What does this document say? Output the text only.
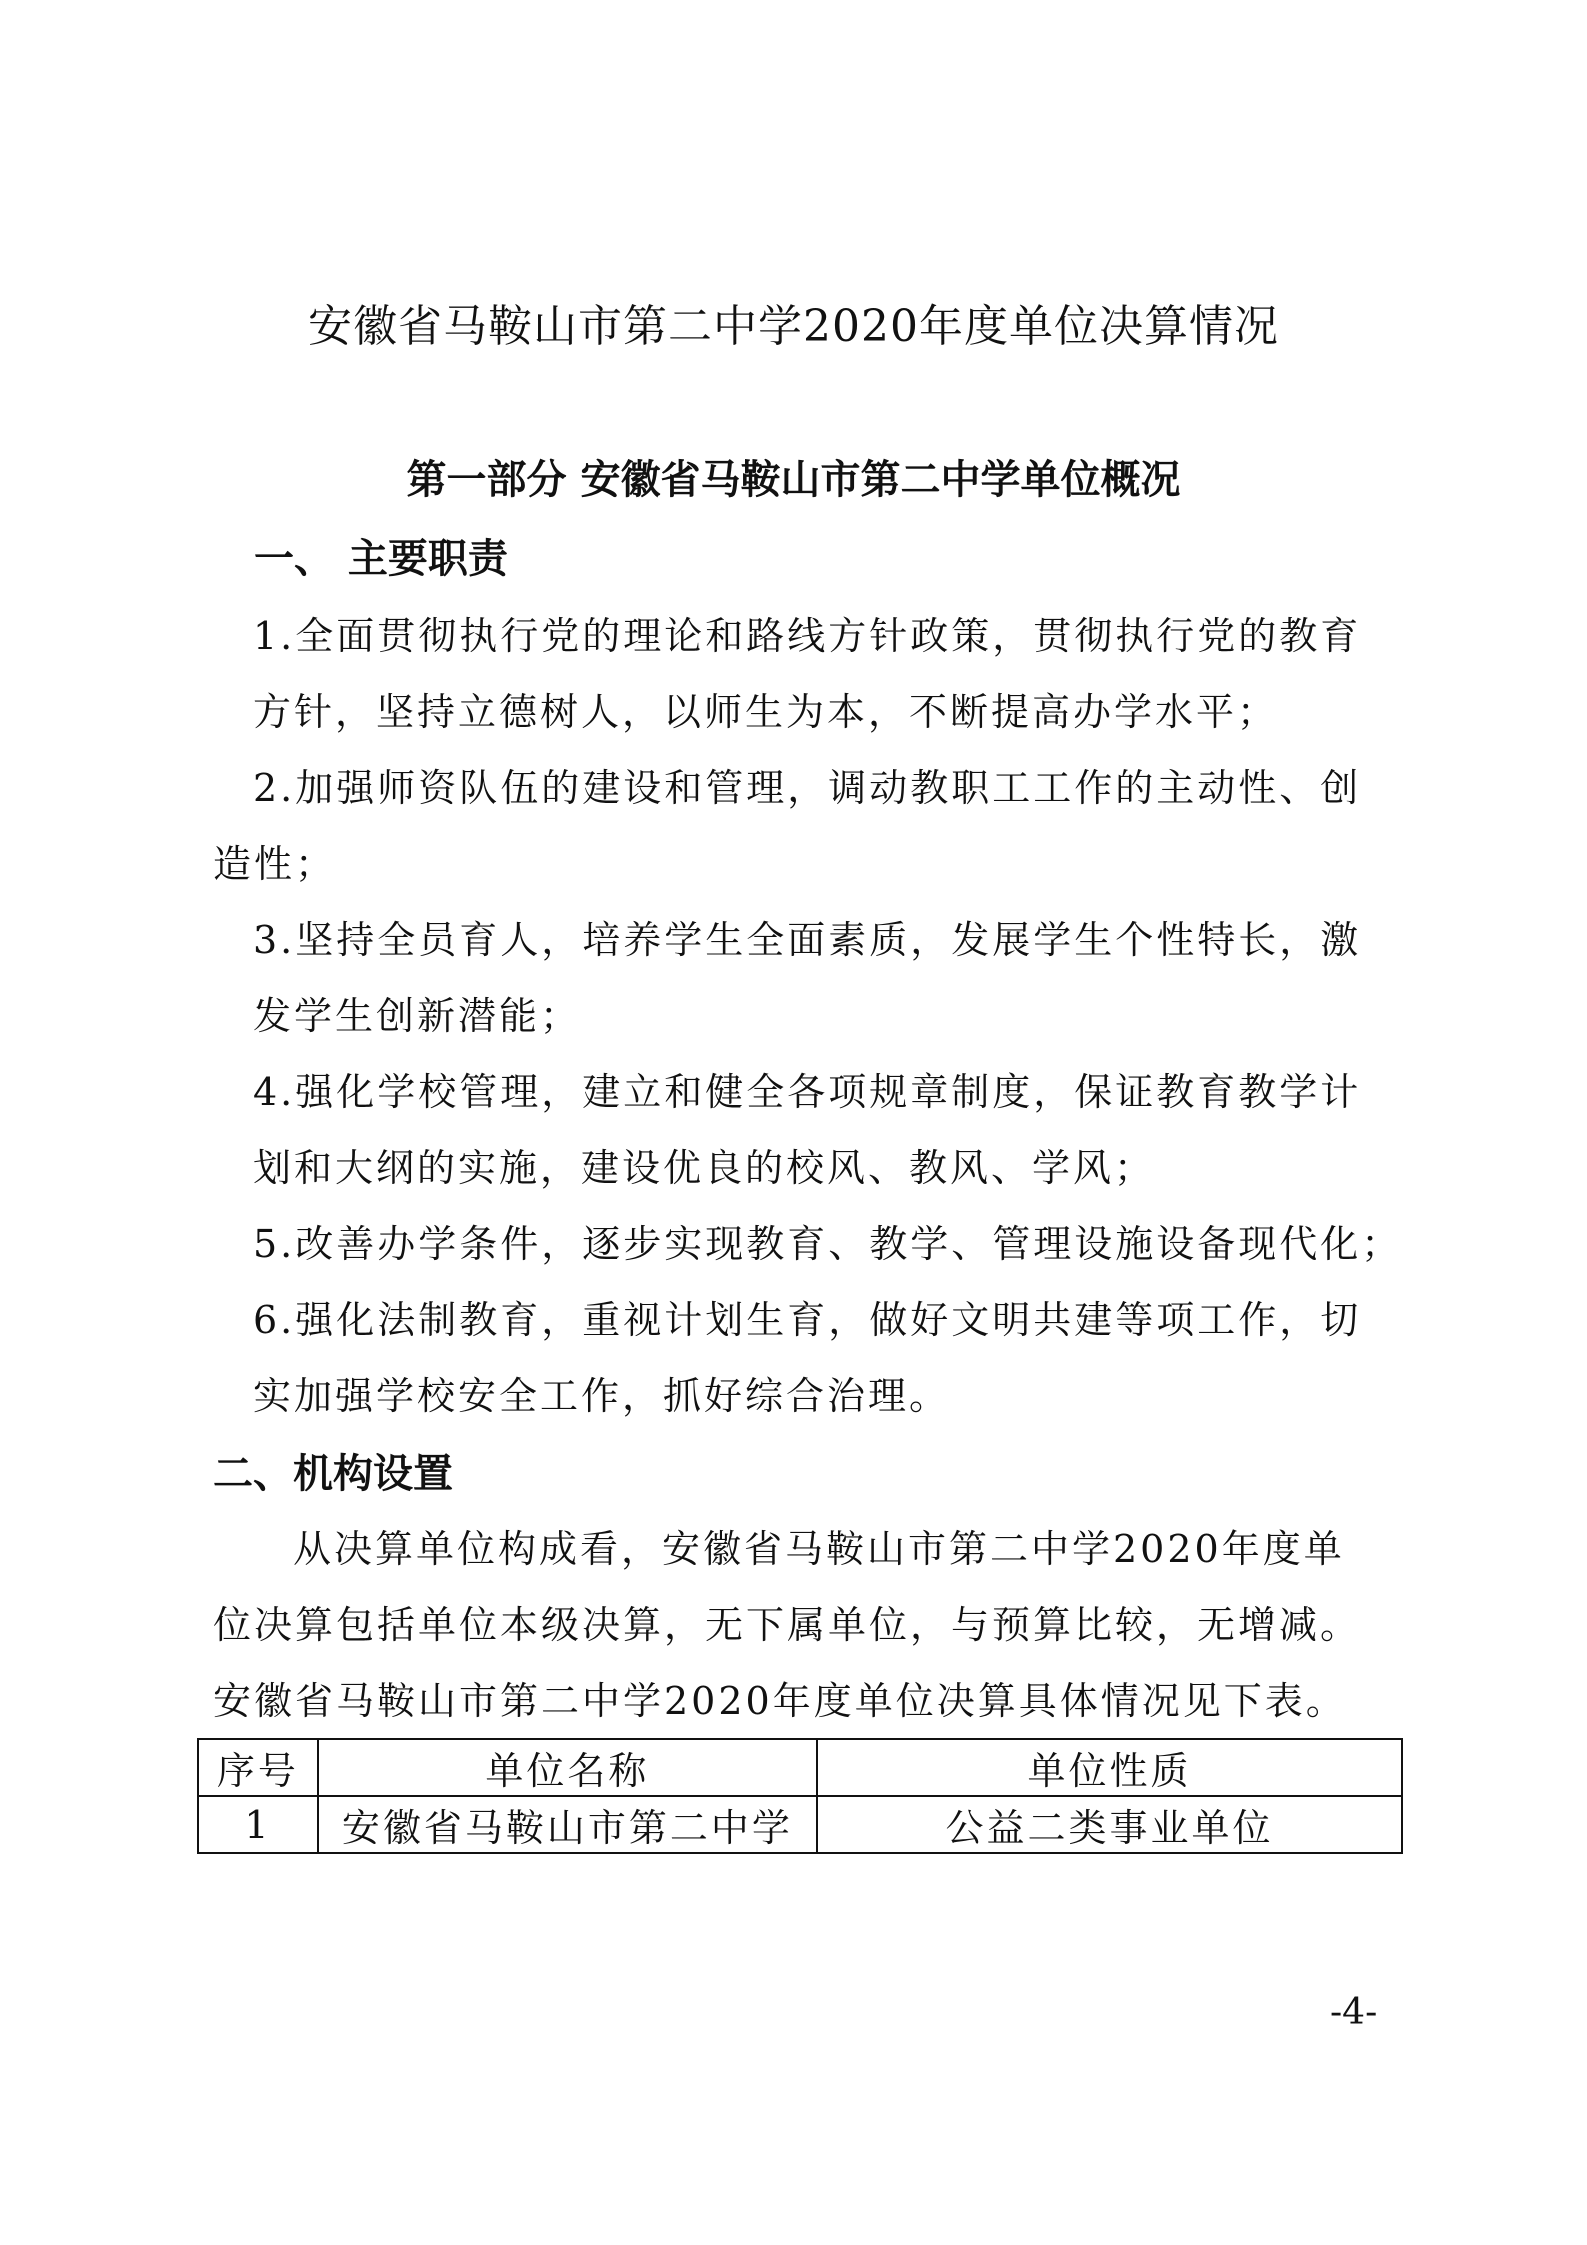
安徽省马鞍山市第二中学2020年度单位决算情况
第一部分 安徽省马鞍山市第二中学单位概况
一、 主要职责
1.全面贯彻执行党的理论和路线方针政策，贯彻执行党的教育
方针，坚持立德树人，以师生为本，不断提高办学水平；
2.加强师资队伍的建设和管理，调动教职工工作的主动性、创
造性；
3.坚持全员育人，培养学生全面素质，发展学生个性特长，激
发学生创新潜能；
4.强化学校管理，建立和健全各项规章制度，保证教育教学计
划和大纲的实施，建设优良的校风、教风、学风；
5.改善办学条件，逐步实现教育、教学、管理设施设备现代化；
6.强化法制教育，重视计划生育，做好文明共建等项工作，切
实加强学校安全工作，抓好综合治理。
二、机构设置
从决算单位构成看，安徽省马鞍山市第二中学2020年度单
位决算包括单位本级决算，无下属单位，与预算比较，无增减。
安徽省马鞍山市第二中学2020年度单位决算具体情况见下表。
序号	单位名称	单位性质
1	安徽省马鞍山市第二中学	公益二类事业单位
-4-
